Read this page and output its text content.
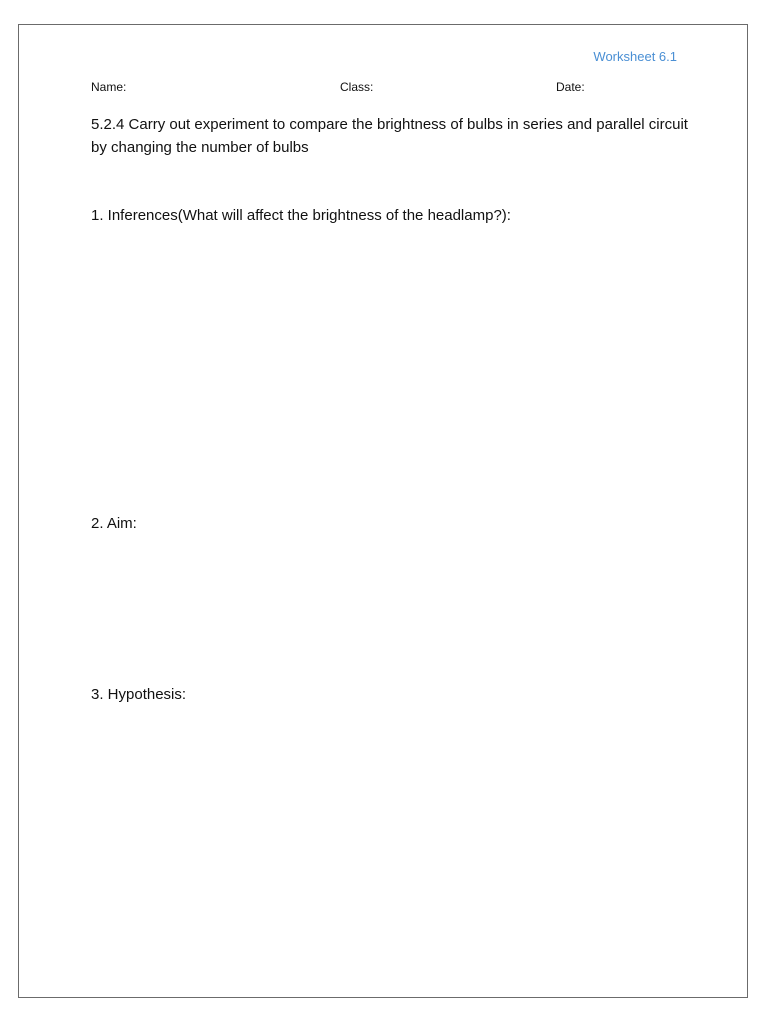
Worksheet 6.1
Name:	Class:	Date:

5.2.4 Carry out experiment to compare the brightness of bulbs in series and parallel circuit by changing the number of bulbs

1. Inferences(What will affect the brightness of the headlamp?):

2. Aim:

3. Hypothesis:
